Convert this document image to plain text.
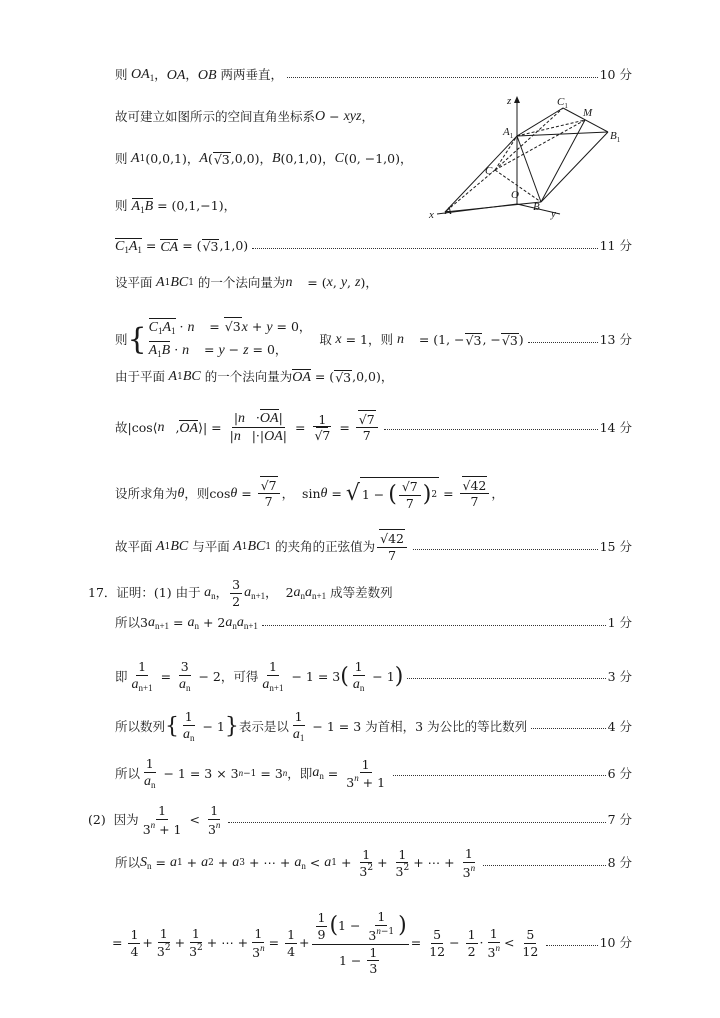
则 $OA_1$ ， OA ， OB
两两垂直，	10 分
故可建立如图所示的空间直角坐标系 O − xyz ，
z	$C_1$
M
$A_1$	$B_1$
C
O
x A	B
y
则 A 1 (0,0,1)， A ( √3 ,0,0)， B (0,1,0)， C (0, −1,0)，
则
$A_1B = (0,1,-1)$，
$C_1A_1$ = CA = ( √3 ,1,0)	11 分
设平面 A 1 BC 1
的一个法向量为 n⃗ = ( x , y , z )，
则 { $C_1A_1$ · n⃗ = √3x + y = 0，
$A_1B$ · n⃗ = y − z = 0，

取 x = 1 ，则
n⃗ = (1, − √3 , − √3 )	13 分
由于平面 A 1 BC
的一个法向量为 OA = ( √3 ,0,0)，
故 |cos⟨ n⃗ , OA ⟩| = $\frac{|n⃗\cdot OA|}{|n⃗|\cdot|OA|} = \frac{1}{√7} = \frac{√7}{7}$	14 分
设所求角为 θ ，则 $\cos \theta = \frac{√7}{7}$ ，  sin θ = √ 1 − ( $\frac{√7}{7}$ ) $2 = \frac{√42}{7}$ ，
故平面 A 1 BC
与平面 A 1 BC 1
的夹角的正弦值为 $\frac{√42}{7}$	15 分
17． 证明：(1) 由于 $a_n$ ， $\frac{3}{2} a_{n+1}$ ，  2 $a_na_{n+1}$
成等差数列
所以 3 $a_{n+1} = a_n + 2$ $a_na_{n+1}$	1 分
即 $\frac{1}{a_{n+1}} = \frac{3}{a_n} - 2$ ，可得 $\frac{1}{a_{n+1}} - 1 = 3$ ( $\frac{1}{a_n} - 1$ )	3 分
所以数列 { $\frac{1}{a_n} - 1$ } 表示是以 $\frac{1}{a_1} - 1 = 3$ 为首相，3 为公比的等比数列	4 分
所以 $\frac{1}{a_n} - 1 = 3 \times 3$ n−1 = 3 n ，即 $a_n = \frac{1}{3^n + 1}$	6 分
(2)
因为 $\frac{1}{3^n + 1} < \frac{1}{3^n}$	7 分
所以 $S_n = a$ 1 + a 2 + a 3 + ⋯ + $a_n < a$ $1 + \frac{1}{3^2} + \frac{1}{3^2}$ + ⋯ + $\frac{1}{3^n}$	8 分
= $\frac{1}{4} + \frac{1}{3^2} + \frac{1}{3^2}$ + ⋯ + $\frac{1}{3^n} = \frac{1}{4} + \frac{\frac{1}{9} ( 1 - \frac{1}{3^{n-1}} )}{1 - \frac{1}{3}} = \frac{5}{12} - \frac{1}{2} \cdot \frac{1}{3^n} < \frac{5}{12}$	10 分
